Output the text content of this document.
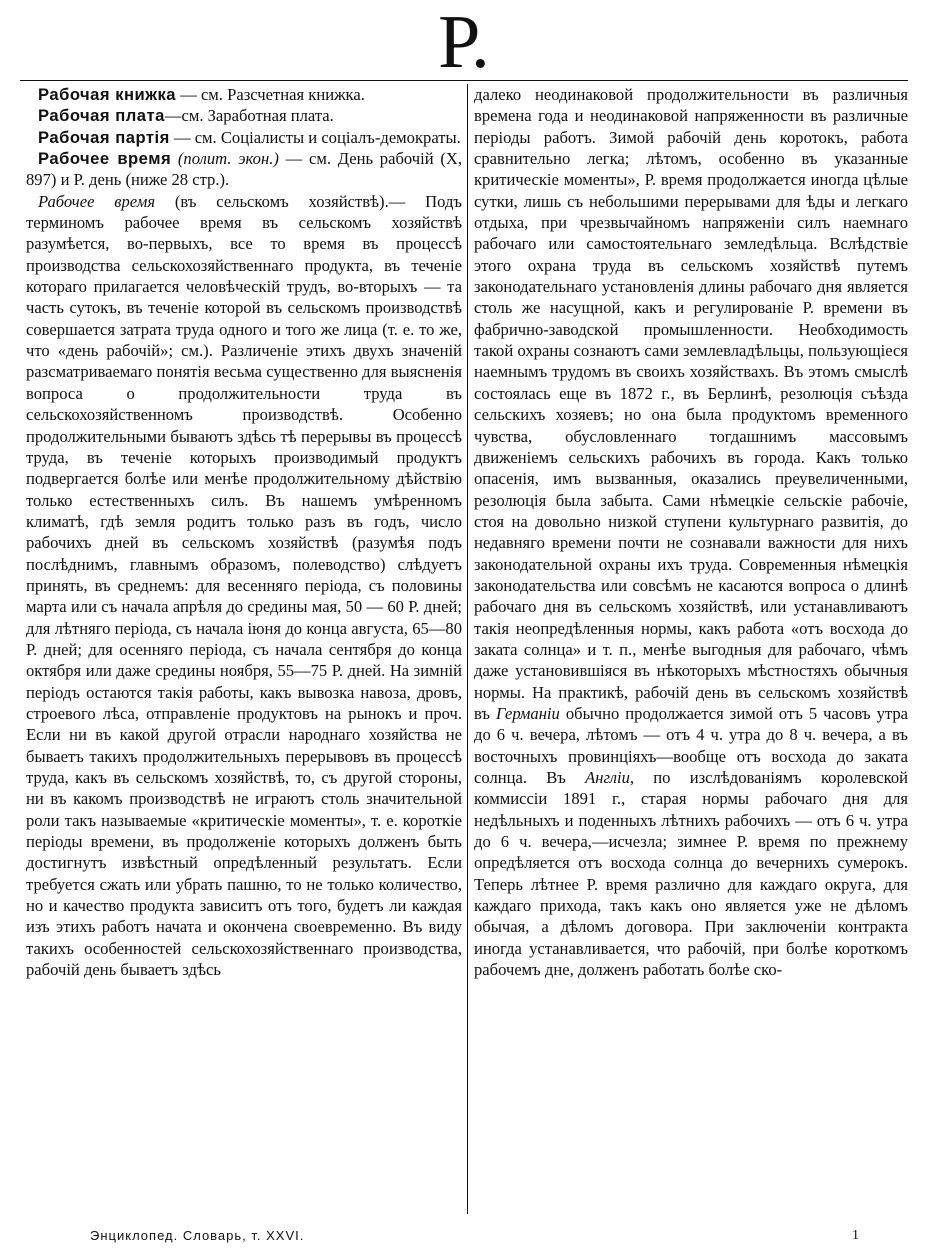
Р.

Рабочая книжка — см. Разсчетная книжка.

Рабочая плата—см. Заработная плата.

Рабочая партія — см. Соціалисты и соціалъ-демократы.

Рабочее время (полит. экон.) — см. День рабочій (X, 897) и Р. день (ниже 28 стр.).

Рабочее время (въ сельскомъ хозяйствѣ).— Подъ терминомъ рабочее время въ сельскомъ хозяйствѣ разумѣется, во-первыхъ, все то время въ процессѣ производства сельскохозяйственнаго продукта, въ теченіе котораго прилагается человѣческій трудъ, во-вторыхъ — та часть сутокъ, въ теченіе которой въ сельскомъ производствѣ совершается затрата труда одного и того же лица (т. е. то же, что «день рабочій»; см.). Различеніе этихъ двухъ значеній разсматриваемаго понятія весьма существенно для выясненія вопроса о продолжительности труда въ сельскохозяйственномъ производствѣ. Особенно продолжительными бываютъ здѣсь тѣ перерывы въ процессѣ труда, въ теченіе которыхъ производимый продуктъ подвергается болѣе или менѣе продолжительному дѣйствію только естественныхъ силъ. Въ нашемъ умѣренномъ климатѣ, гдѣ земля родитъ только разъ въ годъ, число рабочихъ дней въ сельскомъ хозяйствѣ (разумѣя подъ послѣднимъ, главнымъ образомъ, полеводство) слѣдуетъ принять, въ среднемъ: для весенняго періода, съ половины марта или съ начала апрѣля до средины мая, 50 — 60 Р. дней; для лѣтняго періода, съ начала іюня до конца августа, 65—80 Р. дней; для осенняго періода, съ начала сентября до конца октября или даже средины ноября, 55—75 Р. дней. На зимній періодъ остаются такія работы, какъ вывозка навоза, дровъ, строевого лѣса, отправленіе продуктовъ на рынокъ и проч. Если ни въ какой другой отрасли народнаго хозяйства не бываетъ такихъ продолжительныхъ перерывовъ въ процессѣ труда, какъ въ сельскомъ хозяйствѣ, то, съ другой стороны, ни въ какомъ производствѣ не играютъ столь значительной роли такъ называемые «критическіе моменты», т. е. короткіе періоды времени, въ продолженіе которыхъ долженъ быть достигнутъ извѣстный опредѣленный результатъ. Если требуется сжать или убрать пашню, то не только количество, но и качество продукта зависитъ отъ того, будетъ ли каждая изъ этихъ работъ начата и окончена своевременно. Въ виду такихъ особенностей сельскохозяйственнаго производства, рабочій день бываетъ здѣсь

далеко неодинаковой продолжительности въ различныя времена года и неодинаковой напряженности въ различные періоды работъ. Зимой рабочій день коротокъ, работа сравнительно легка; лѣтомъ, особенно въ указанные критическіе моменты», Р. время продолжается иногда цѣлые сутки, лишь съ небольшими перерывами для ѣды и легкаго отдыха, при чрезвычайномъ напряженіи силъ наемнаго рабочаго или самостоятельнаго земледѣльца. Вслѣдствіе этого охрана труда въ сельскомъ хозяйствѣ путемъ законодательнаго установленія длины рабочаго дня является столь же насущной, какъ и регулированіе Р. времени въ фабрично-заводской промышленности. Необходимость такой охраны сознаютъ сами землевладѣльцы, пользующіеся наемнымъ трудомъ въ своихъ хозяйствахъ. Въ этомъ смыслѣ состоялась еще въ 1872 г., въ Берлинѣ, резолюція съѣзда сельскихъ хозяевъ; но она была продуктомъ временного чувства, обусловленнаго тогдашнимъ массовымъ движеніемъ сельскихъ рабочихъ въ города. Какъ только опасенія, имъ вызванныя, оказались преувеличенными, резолюція была забыта. Сами нѣмецкіе сельскіе рабочіе, стоя на довольно низкой ступени культурнаго развитія, до недавняго времени почти не сознавали важности для нихъ законодательной охраны ихъ труда. Современныя нѣмецкія законодательства или совсѣмъ не касаются вопроса о длинѣ рабочаго дня въ сельскомъ хозяйствѣ, или устанавливаютъ такія неопредѣленныя нормы, какъ работа «отъ восхода до заката солнца» и т. п., менѣе выгодныя для рабочаго, чѣмъ даже установившіяся въ нѣкоторыхъ мѣстностяхъ обычныя нормы. На практикѣ, рабочій день въ сельскомъ хозяйствѣ въ Германіи обычно продолжается зимой отъ 5 часовъ утра до 6 ч. вечера, лѣтомъ — отъ 4 ч. утра до 8 ч. вечера, а въ восточныхъ провинціяхъ—вообще отъ восхода до заката солнца. Въ Англіи, по изслѣдованіямъ королевской коммиссіи 1891 г., старая нормы рабочаго дня для недѣльныхъ и поденныхъ лѣтнихъ рабочихъ — отъ 6 ч. утра до 6 ч. вечера,—исчезла; зимнее Р. время по прежнему опредѣляется отъ восхода солнца до вечернихъ сумерокъ. Теперь лѣтнее Р. время различно для каждаго округа, для каждаго прихода, такъ какъ оно является уже не дѣломъ обычая, а дѣломъ договора. При заключеніи контракта иногда устанавливается, что рабочій, при болѣе короткомъ рабочемъ дне, долженъ работать болѣе ско-

Энциклопед. Словарь, т. XXVI.	1
